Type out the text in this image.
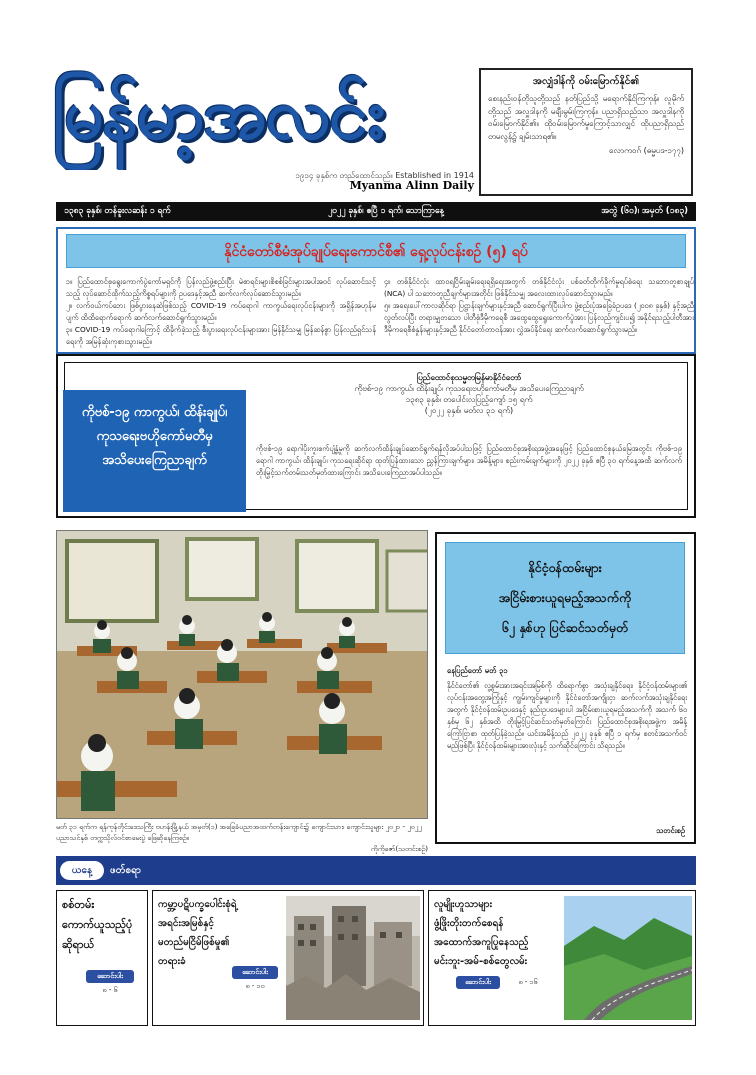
မြန်မာ့အလင်း
၁၉၁၄ ခုနှစ်က တည်ထောင်သည်။ Established in 1914
Myanma Alinn Daily
အလျှံဒါန်ကို ဝမ်းမြောက်နိုင်၏
စေးနည်းဝန်တိုသူတို့သည် နတ်ပြည်သို့ မရောက်နိုင်ကြကုန်။ လူမိုက်တို့သည် အလှူဒါနကို မချီးမွမ်းကြကုန်။ ပညာရှိသည်သာ အလှူဒါနကို ဝမ်းမြောက်နိုင်၏။ ထိုဝမ်းမြောက်မှုကြောင့်သာလျှင် ထိုပညာရှိသည် တမလွန်၌ ချမ်းသာရ၏။
လောကဝဂ် (ဓမ္မပဒ-၁၇၇)
၁၃၈၃ ခုနှစ်၊ တန်ခူးလဆန်း ၁ ရက်	၂၀၂၂ ခုနှစ်၊ ဧပြီ ၁ ရက်၊ သောကြာနေ့	အတွဲ (၆၀)၊ အမှတ် (၁၈၃)
နိုင်ငံတော်စီမံအုပ်ချုပ်ရေးကောင်စီ၏ ရှေ့လုပ်ငန်းစဉ် (၅) ရပ်

၁။ ပြည်ထောင်စုရွေးကောက်ပွဲကော်မရှင်ကို ပြန်လည်ဖွဲ့စည်းပြီး မဲစာရင်းများစိစစ်ခြင်းများအပါအဝင် လုပ်ဆောင်သင့်သည့် လုပ်ဆောင်ထိုက်သည့်ကိစ္စရပ်များကို ဥပဒေနှင့်အညီ ဆက်လက်လုပ်ဆောင်သွားမည်။

၂။ လက်ဝယ်ကပ်ဘေး ဖြစ်ပွားနေဆဲဖြစ်သည့် COVID-19 ကပ်ရောဂါ ကာကွယ်ရေးလုပ်ငန်းများကို အရှိန်အဟုန်မပျက် ထိထိရောက်ရောက် ဆက်လက်ဆောင်ရွက်သွားမည်။

၃။ COVID-19 ကပ်ရောဂါကြောင့် ထိခိုက်ခဲ့သည့် စီးပွားရေးလုပ်ငန်းများအား မြန်နိုင်သမျှ မြန်ဆန်စွာ ပြန်လည်ရှင်သန်ရေးကို အမြန်ဆုံးကုစားသွားမည်။

၄။ တစ်နိုင်ငံလုံး ထာဝရငြိမ်းချမ်းရေးရရှိရေးအတွက် တစ်နိုင်ငံလုံး ပစ်ခတ်တိုက်ခိုက်မှုရပ်စဲရေး သဘောတူစာချုပ် (NCA) ပါ သဘောတူညီချက်များအတိုင်း ဖြစ်နိုင်သမျှ အလေးထားလုပ်ဆောင်သွားမည်။

၅။ အရေးပေါ်ကာလဆိုင်ရာ ပြဋ္ဌာန်းချက်များနှင့်အညီ ဆောင်ရွက်ပြီးပါက ဖွဲ့စည်းပုံအခြေခံဥပဒေ (၂၀၀၈ ခုနှစ်) နှင့်အညီ လွတ်လပ်ပြီး တရားမျှတသော ပါတီစုံဒီမိုကရေစီ အထွေထွေရွေးကောက်ပွဲအား ပြန်လည်ကျင်းပ၍ အနိုင်ရသည့်ပါတီအား ဒီမိုကရေစီစံနှုန်းများနှင့်အညီ နိုင်ငံတော်တာဝန်အား လွှဲအပ်နိုင်ရေး ဆက်လက်ဆောင်ရွက်သွားမည်။

ကိုဗစ်-၁၉ ကာကွယ်၊ ထိန်းချုပ်၊
ကုသရေးဗဟိုကော်မတီမှ
အသိပေးကြေညာချက်
ပြည်ထောင်စုသမ္မတမြန်မာနိုင်ငံတော်
ကိုဗစ်-၁၉ ကာကွယ်၊ ထိန်းချုပ်၊ ကုသရေးဗဟိုကော်မတီမှ အသိပေးကြေညာချက်
၁၃၈၃ ခုနှစ်၊ တပေါင်းလပြည့်ကျော် ၁၅ ရက်
(၂၀၂၂ ခုနှစ်၊ မတ်လ ၃၁ ရက်)
ကိုဗစ်-၁၉ ရောဂါပိုးကူးစက်ပျံ့နှံ့မှုကို ဆက်လက်ထိန်းချုပ်ဆောင်ရွက်ရန်လိုအပ်ပါသဖြင့် ပြည်ထောင်စုအစိုးရအဖွဲ့အနေဖြင့် ပြည်ထောင်စုနယ်မြေအတွင်း ကိုဗစ်-၁၉ ရောဂါ ကာကွယ်၊ ထိန်းချုပ်၊ ကုသရေးဆိုင်ရာ ထုတ်ပြန်ထားသော ညွှန်ကြားချက်များ၊ အမိန့်များ၊ စည်းကမ်းချက်များကို ၂၀၂၂ ခုနှစ် ဧပြီ ၃၀ ရက်နေ့အထိ ဆက်လက်တိုးမြှင့်သက်တမ်းသတ်မှတ်ထားကြောင်း အသိပေးကြေညာအပ်ပါသည်။
မတ် ၃၁ ရက်က ရန်ကုန်တိုင်းဒေသကြီး ဗဟန်းမြို့နယ် အမှတ်(၁) အခြေခံပညာအထက်တန်းကျောင်း၌ ကျောင်းသား၊ ကျောင်းသူများ ၂၀၂၁ - ၂၀၂၂ ပညာသင်နှစ် တက္ကသိုလ်ဝင်စာမေးပွဲ ဖြေဆိုနေကြစဉ်။
ကိုကိုဇော်(သတင်းစဉ်)
နိုင်ငံ့ဝန်ထမ်းများ
အငြိမ်းစားယူရမည့်အသက်ကို
၆၂ နှစ်ဟု ပြင်ဆင်သတ်မှတ်
နေပြည်တော် မတ် ၃၁
နိုင်ငံတော်၏ လူ့စွမ်းအားအရင်းအမြစ်ကို ထိရောက်စွာ အသုံးချနိုင်ရေး၊ နိုင်ငံ့ဝန်ထမ်းများ၏ လုပ်ငန်းအတွေ့အကြုံနှင့် ကျွမ်းကျင်မှုများကို နိုင်ငံတော်အကျိုးငှာ ဆက်လက်အသုံးချနိုင်ရေးအတွက် နိုင်ငံ့ဝန်ထမ်းဥပဒေနှင့် နည်းဥပဒေများပါ အငြိမ်းစားယူရမည့်အသက်ကို အသက် ၆၀ နှစ်မှ ၆၂ နှစ်အထိ တိုးမြှင့်ပြင်ဆင်သတ်မှတ်ကြောင်း ပြည်ထောင်စုအစိုးရအဖွဲ့က အမိန့်ကြော်ငြာစာ ထုတ်ပြန်ခဲ့သည်။ ယင်းအမိန့်သည် ၂၀၂၂ ခုနှစ် ဧပြီ ၁ ရက်မှ စတင်အသက်ဝင်မည်ဖြစ်ပြီး နိုင်ငံ့ဝန်ထမ်းများအားလုံးနှင့် သက်ဆိုင်ကြောင်း သိရသည်။
သတင်းစဉ်
ယနေ့	ဖတ်စရာ
စစ်တမ်း
ကောက်ယူသည့်ပုံ
ဆိုရာယ်
ဆောင်းပါး
၈ - ၆
ကမ္ဘာ့ပဋိပက္ခပေါင်းစုံရဲ့
အရင်းအမြစ်နှင့်
မတည်မငြိမ်ဖြစ်မှု၏
တရားခံ
ဆောင်းပါး
၈ - ၁၀
လူမျိုးဟူသာများ
ဖွံ့ဖြိုးတိုးတက်စေရန်
အထောက်အကူပြုနေသည့်
မင်းဘူး-အမ်-စစ်တွေလမ်း
ဆောင်းပါး	၈ - ၁၆
